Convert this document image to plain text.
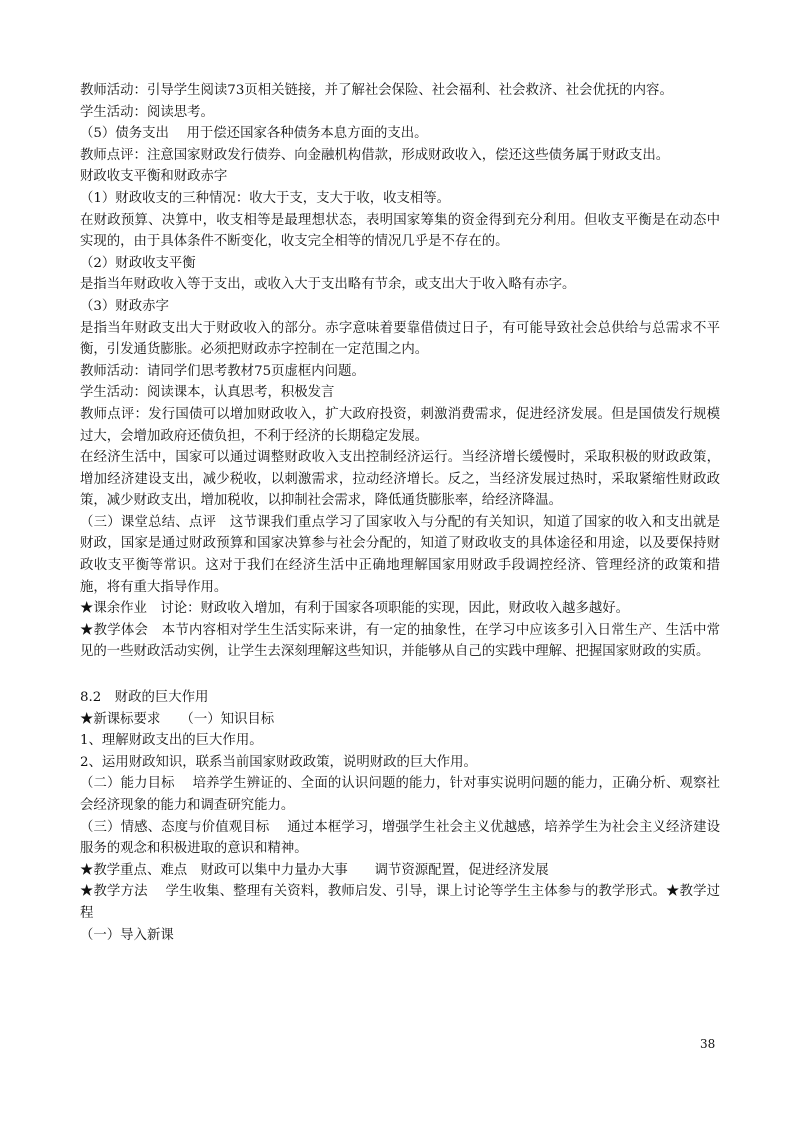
教师活动：引导学生阅读73页相关链接，并了解社会保险、社会福利、社会救济、社会优抚的内容。

学生活动：阅读思考。

（5）债务支出　 用于偿还国家各种债务本息方面的支出。

教师点评：注意国家财政发行债券、向金融机构借款，形成财政收入，偿还这些债务属于财政支出。

财政收支平衡和财政赤字

（1）财政收支的三种情况：收大于支，支大于收，收支相等。

在财政预算、决算中，收支相等是最理想状态，表明国家筹集的资金得到充分利用。但收支平衡是在动态中实现的，由于具体条件不断变化，收支完全相等的情况几乎是不存在的。

（2）财政收支平衡

是指当年财政收入等于支出，或收入大于支出略有节余，或支出大于收入略有赤字。

（3）财政赤字

是指当年财政支出大于财政收入的部分。赤字意味着要靠借债过日子，有可能导致社会总供给与总需求不平衡，引发通货膨胀。必须把财政赤字控制在一定范围之内。

教师活动：请同学们思考教材75页虚框内问题。

学生活动：阅读课本，认真思考，积极发言

教师点评：发行国债可以增加财政收入，扩大政府投资，刺激消费需求，促进经济发展。但是国债发行规模过大，会增加政府还债负担，不利于经济的长期稳定发展。

在经济生活中，国家可以通过调整财政收入支出控制经济运行。当经济增长缓慢时，采取积极的财政政策，增加经济建设支出，减少税收，以刺激需求，拉动经济增长。反之，当经济发展过热时，采取紧缩性财政政策，减少财政支出，增加税收，以抑制社会需求，降低通货膨胀率，给经济降温。

（三）课堂总结、点评　这节课我们重点学习了国家收入与分配的有关知识，知道了国家的收入和支出就是财政，国家是通过财政预算和国家决算参与社会分配的，知道了财政收支的具体途径和用途，以及要保持财政收支平衡等常识。这对于我们在经济生活中正确地理解国家用财政手段调控经济、管理经济的政策和措施，将有重大指导作用。

★课余作业　讨论：财政收入增加，有利于国家各项职能的实现，因此，财政收入越多越好。

★教学体会　本节内容相对学生生活实际来讲，有一定的抽象性，在学习中应该多引入日常生产、生活中常见的一些财政活动实例，让学生去深刻理解这些知识，并能够从自己的实践中理解、把握国家财政的实质。

8.2　财政的巨大作用

★新课标要求　　（一）知识目标

1、理解财政支出的巨大作用。

2、运用财政知识，联系当前国家财政政策，说明财政的巨大作用。

（二）能力目标　 培养学生辨证的、全面的认识问题的能力，针对事实说明问题的能力，正确分析、观察社会经济现象的能力和调查研究能力。

（三）情感、态度与价值观目标　 通过本框学习，增强学生社会主义优越感，培养学生为社会主义经济建设服务的观念和积极进取的意识和精神。

★教学重点、难点　财政可以集中力量办大事　　调节资源配置，促进经济发展

★教学方法　 学生收集、整理有关资料，教师启发、引导，课上讨论等学生主体参与的教学形式。★教学过程

（一）导入新课

38
